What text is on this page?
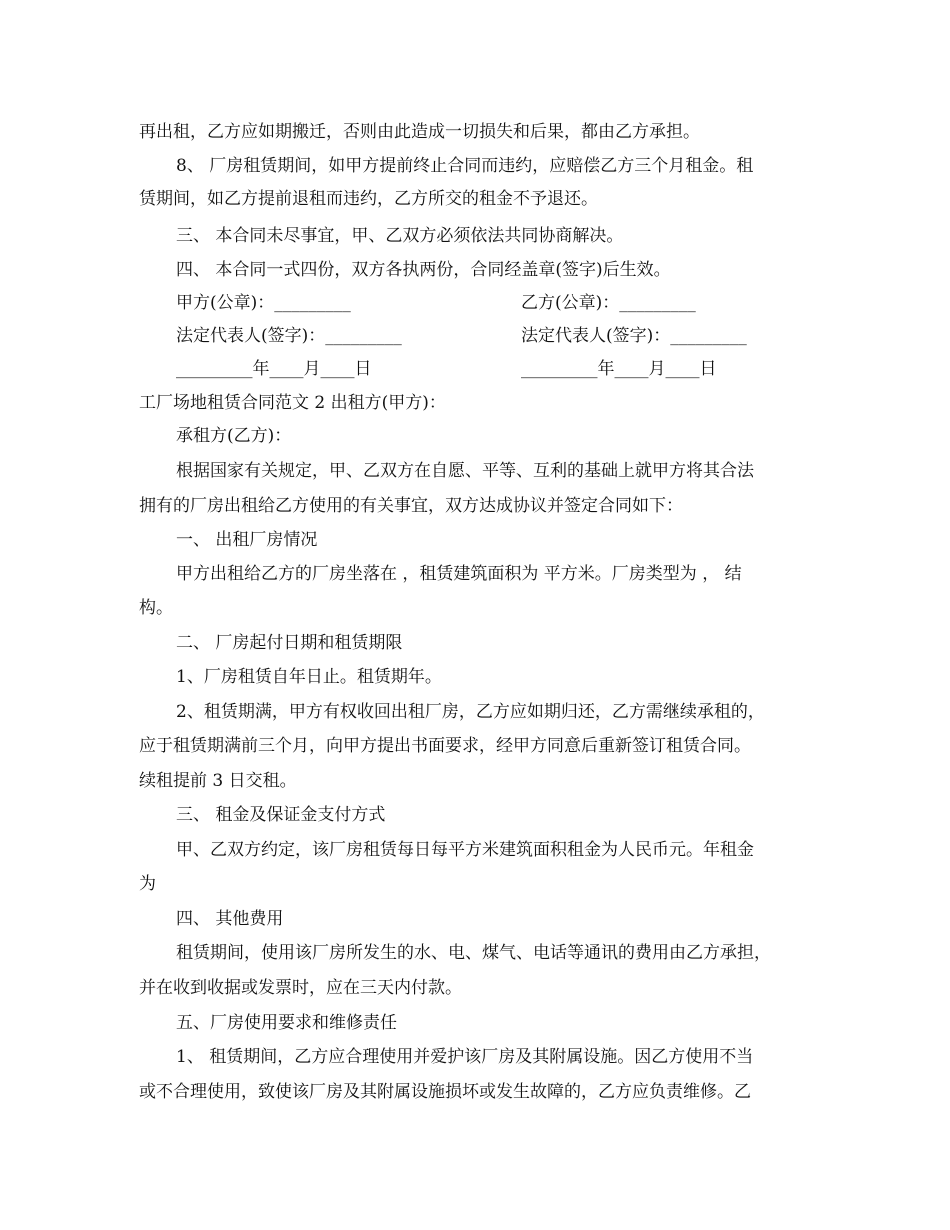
再出租，乙方应如期搬迁，否则由此造成一切损失和后果，都由乙方承担。
8、 厂房租赁期间，如甲方提前终止合同而违约，应赔偿乙方三个月租金。租
赁期间，如乙方提前退租而违约，乙方所交的租金不予退还。
三、 本合同未尽事宜，甲、乙双方必须依法共同协商解决。
四、 本合同一式四份，双方各执两份，合同经盖章(签字)后生效。
甲方(公章)：_________	乙方(公章)：_________
法定代表人(签字)：_________	法定代表人(签字)：_________
_________年____月____日	_________年____月____日
工厂场地租赁合同范文 2 出租方(甲方)：
承租方(乙方)：
根据国家有关规定，甲、乙双方在自愿、平等、互利的基础上就甲方将其合法
拥有的厂房出租给乙方使用的有关事宜，双方达成协议并签定合同如下：
一、 出租厂房情况
甲方出租给乙方的厂房坐落在 ，租赁建筑面积为 平方米。厂房类型为 ， 结
构。
二、 厂房起付日期和租赁期限
1、厂房租赁自年日止。租赁期年。
2、租赁期满，甲方有权收回出租厂房，乙方应如期归还，乙方需继续承租的，
应于租赁期满前三个月，向甲方提出书面要求，经甲方同意后重新签订租赁合同。
续租提前 3 日交租。
三、 租金及保证金支付方式
甲、乙双方约定，该厂房租赁每日每平方米建筑面积租金为人民币元。年租金
为
四、 其他费用
租赁期间，使用该厂房所发生的水、电、煤气、电话等通讯的费用由乙方承担，
并在收到收据或发票时，应在三天内付款。
五、厂房使用要求和维修责任
1、 租赁期间，乙方应合理使用并爱护该厂房及其附属设施。因乙方使用不当
或不合理使用，致使该厂房及其附属设施损坏或发生故障的，乙方应负责维修。乙
